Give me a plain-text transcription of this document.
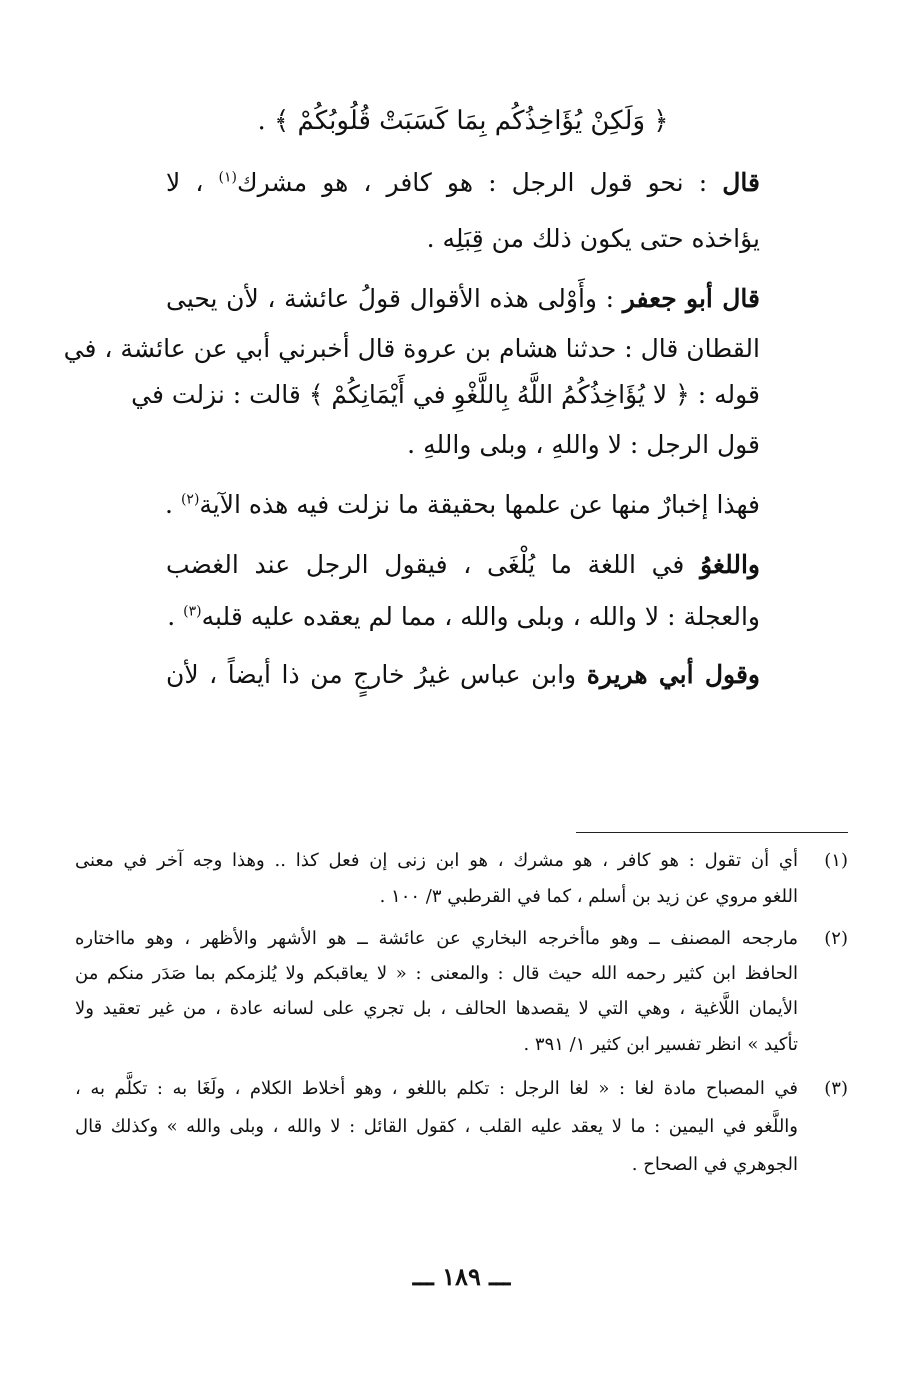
﴿ وَلَكِنْ يُؤَاخِذُكُم بِمَا كَسَبَتْ قُلُوبُكُمْ ﴾ .
قال : نحو قول الرجل : هو كافر ، هو مشرك$^{(١)}$ ، لا
يؤاخذه حتى يكون ذلك من قِبَلِه .
قال أبو جعفر : وأَوْلى هذه الأقوال قولُ عائشة ، لأن يحيى
القطان قال : حدثنا هشام بن عروة قال أخبرني أبي عن عائشة ، في
قوله : ﴿ لا يُؤَاخِذُكُمُ اللَّهُ بِاللَّغْوِ في أَيْمَانِكُمْ ﴾ قالت : نزلت في
قول الرجل : لا واللهِ ، وبلى واللهِ .
فهذا إخبارٌ منها عن علمها بحقيقة ما نزلت فيه هذه الآية$^{(٢)}$ .
واللغوُ في اللغة ما يُلْغَى ، فيقول الرجل عند الغضب
والعجلة : لا والله ، وبلى والله ، مما لم يعقده عليه قلبه$^{(٣)}$ .
وقول أبي هريرة وابن عباس غيرُ خارجٍ من ذا أيضاً ، لأن
(١)
أي أن تقول : هو كافر ، هو مشرك ، هو ابن زنى إن فعل كذا .. وهذا وجه آخر في معنى
اللغو مروي عن زيد بن أسلم ، كما في القرطبي ٣/ ١٠٠ .
(٢)
مارجحه المصنف ــ وهو ماأخرجه البخاري عن عائشة ــ هو الأشهر والأظهر ، وهو مااختاره
الحافظ ابن كثير رحمه الله حيث قال : والمعنى : « لا يعاقبكم ولا يُلزمكم بما صَدَر منكم من
الأيمان اللَّاغية ، وهي التي لا يقصدها الحالف ، بل تجري على لسانه عادة ، من غير تعقيد ولا
تأكيد » انظر تفسير ابن كثير ١/ ٣٩١ .
(٣)
في المصباح مادة لغا : « لغا الرجل : تكلم باللغو ، وهو أخلاط الكلام ، ولَغَا به : تكلَّم به ،
واللَّغو في اليمين : ما لا يعقد عليه القلب ، كقول القائل : لا والله ، وبلى والله » وكذلك قال
الجوهري في الصحاح .
ـــ ١٨٩ ـــ
